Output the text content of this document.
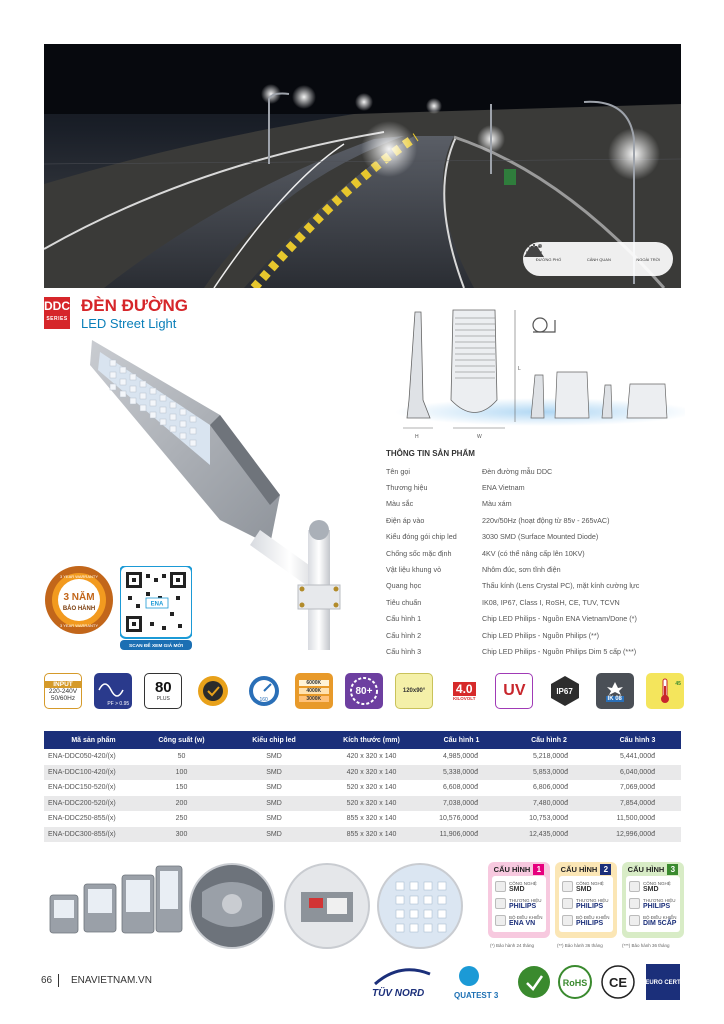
ĐƯỜNG PHỐ	CẢNH QUAN	NGOÀI TRỜI
DDC
SERIES
ĐÈN ĐƯỜNG
LED Street Light
H
L
W
3 NĂM
BẢO HÀNH
3 YEAR WARRANTY
3 YEAR WARRANTY
ENA
SCAN ĐỂ XEM GIÁ MỚI
THÔNG TIN SẢN PHẨM
Tên gọi	Đèn đường mẫu DDC
Thương hiệu	ENA Vietnam
Màu sắc	Màu xám
Điện áp vào	220v/50Hz (hoạt động từ 85v - 265vAC)
Kiểu đóng gói chip led	3030 SMD (Surface Mounted Diode)
Chống sốc mặc định	4KV (có thể nâng cấp lên 10KV)
Vật liệu khung vỏ	Nhôm đúc, sơn tĩnh điện
Quang học	Thấu kính (Lens Crystal PC), mặt kính cường lực
Tiêu chuẩn	IK08, IP67, Class I, RoSH, CE, TUV, TCVN
Cấu hình 1	Chip LED Philips - Nguồn ENA Vietnam/Done (*)
Cấu hình 2	Chip LED Philips - Nguồn Philips (**)
Cấu hình 3	Chip LED Philips - Nguồn Philips Dim 5 cấp (***)
INPUT
220-240V
50/60Hz
PF > 0.95
80
PLUS	160
6000K
4000K
3000K
80+	120x90°	4.0
KILOVOLT UV	IP67
IK 08
45
Mã sản phẩm	Công suất (w)	Kiểu chip led	Kích thước (mm)	Cấu hình 1	Cấu hình 2	Cấu hình 3
ENA-DDC050-420/(x)	50	SMD	420 x 320 x 140	4,985,000đ	5,218,000đ	5,441,000đ
ENA-DDC100-420/(x)	100	SMD	420 x 320 x 140	5,338,000đ	5,853,000đ	6,040,000đ
ENA-DDC150-520/(x)	150	SMD	520 x 320 x 140	6,608,000đ	6,806,000đ	7,069,000đ
ENA-DDC200-520/(x)	200	SMD	520 x 320 x 140	7,038,000đ	7,480,000đ	7,854,000đ
ENA-DDC250-855/(x)	250	SMD	855 x 320 x 140	10,576,000đ	10,753,000đ	11,500,000đ
ENA-DDC300-855/(x)	300	SMD	855 x 320 x 140	11,906,000đ	12,435,000đ	12,996,000đ
CẤU HÌNH 1
CÔNG NGHỆ
SMD
THƯƠNG HIỆU
PHILIPS
BỘ ĐIỀU KHIỂN
ENA VN
CẤU HÌNH 2
CÔNG NGHỆ
SMD
THƯƠNG HIỆU
PHILIPS
BỘ ĐIỀU KHIỂN
PHILIPS
CẤU HÌNH 3
CÔNG NGHỆ
SMD
THƯƠNG HIỆU
PHILIPS
BỘ ĐIỀU KHIỂN
DIM 5CẤP
(*) Bảo hành 24 tháng	(**) Bảo hành 36 tháng	(***) Bảo hành 36 tháng
66 ENAVIETNAM.VN
TÜV NORD	QUATEST 3
RoHS CE	EURO CERT
